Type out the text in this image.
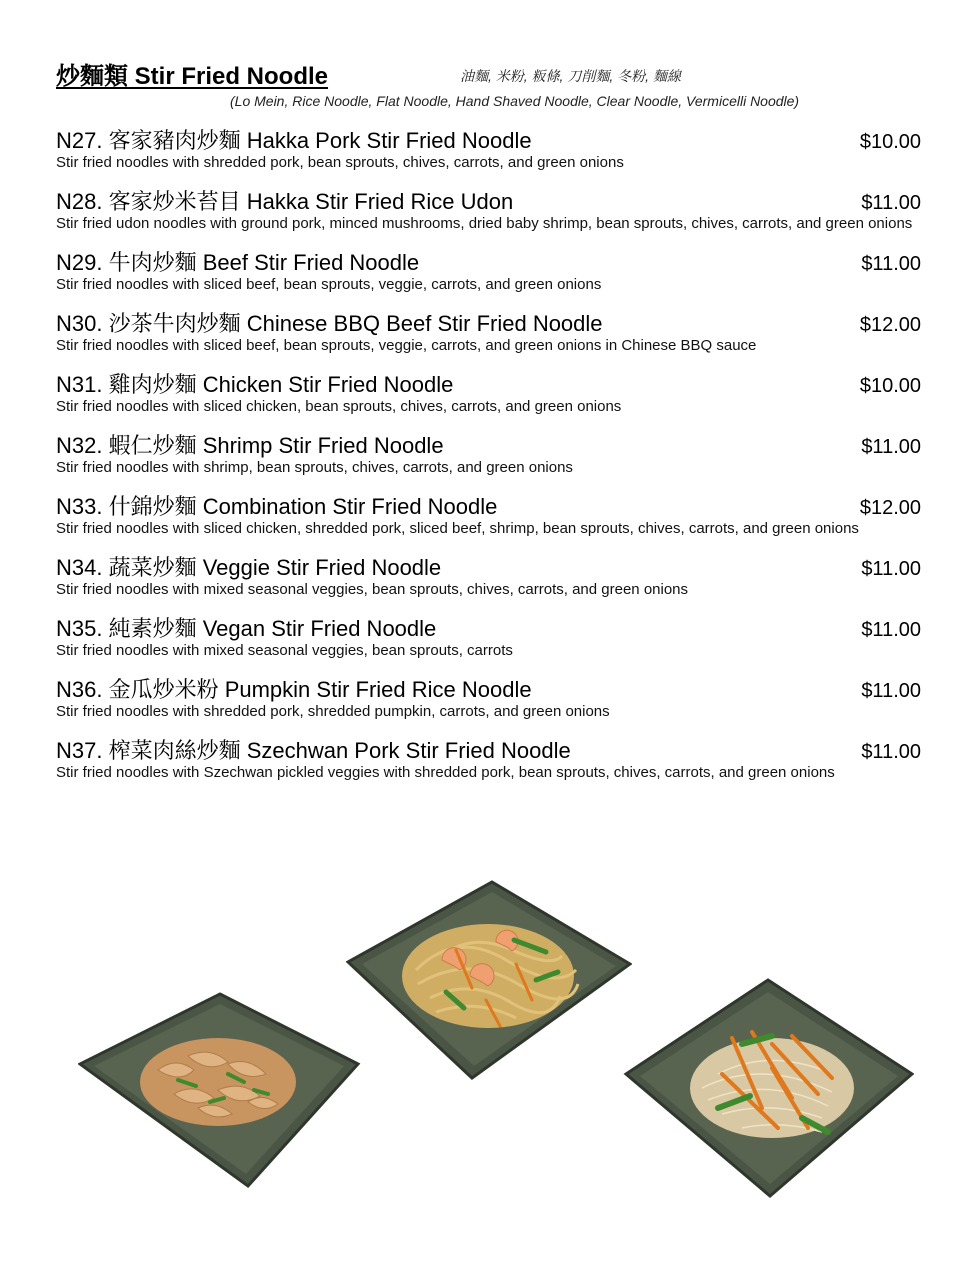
炒麵類 Stir Fried Noodle	油麵, 米粉, 粄條, 刀削麵, 冬粉, 麵線
(Lo Mein, Rice Noodle, Flat Noodle, Hand Shaved Noodle, Clear Noodle, Vermicelli Noodle)
N27. 客家豬肉炒麵 Hakka Pork Stir Fried Noodle	$10.00
Stir fried noodles with shredded pork, bean sprouts, chives, carrots, and green onions
N28. 客家炒米苔目 Hakka Stir Fried Rice Udon	$11.00
Stir fried udon noodles with ground pork, minced mushrooms, dried baby shrimp, bean sprouts, chives, carrots, and green onions
N29. 牛肉炒麵 Beef Stir Fried Noodle	$11.00
Stir fried noodles with sliced beef, bean sprouts, veggie, carrots, and green onions
N30. 沙茶牛肉炒麵 Chinese BBQ Beef Stir Fried Noodle	$12.00
Stir fried noodles with sliced beef, bean sprouts, veggie, carrots, and green onions in Chinese BBQ sauce
N31. 雞肉炒麵 Chicken Stir Fried Noodle	$10.00
Stir fried noodles with sliced chicken, bean sprouts, chives, carrots, and green onions
N32. 蝦仁炒麵 Shrimp Stir Fried Noodle	$11.00
Stir fried noodles with shrimp, bean sprouts, chives, carrots, and green onions
N33. 什錦炒麵 Combination Stir Fried Noodle	$12.00
Stir fried noodles with sliced chicken, shredded pork, sliced beef, shrimp, bean sprouts, chives, carrots, and green onions
N34. 蔬菜炒麵 Veggie Stir Fried Noodle	$11.00
Stir fried noodles with mixed seasonal veggies, bean sprouts, chives, carrots, and green onions
N35. 純素炒麵 Vegan Stir Fried Noodle	$11.00
Stir fried noodles with mixed seasonal veggies, bean sprouts, carrots
N36. 金瓜炒米粉 Pumpkin Stir Fried Rice Noodle	$11.00
Stir fried noodles with shredded pork, shredded pumpkin, carrots, and green onions
N37. 榨菜肉絲炒麵 Szechwan Pork Stir Fried Noodle	$11.00
Stir fried noodles with Szechwan pickled veggies with shredded pork, bean sprouts, chives, carrots, and green onions
